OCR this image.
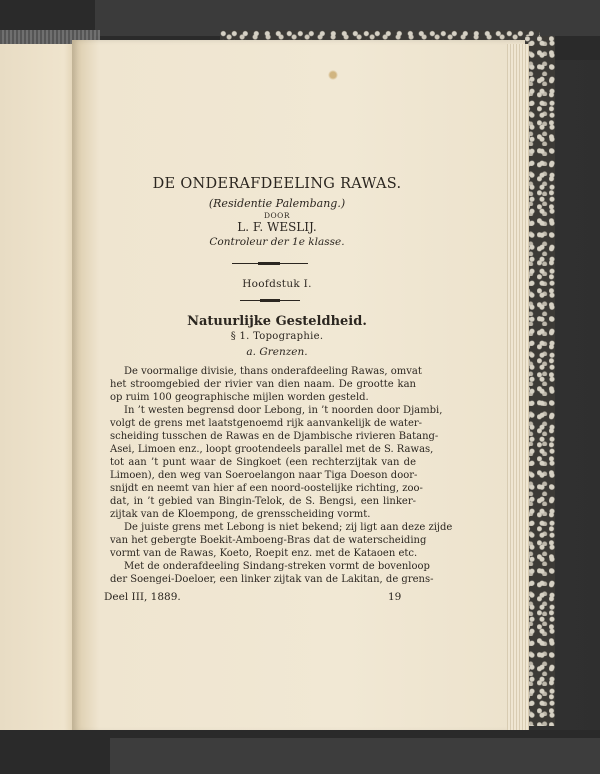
DE ONDERAFDEELING RAWAS.
(Residentie Palembang.)
DOOR
L. F. WESLIJ.
Controleur der 1e klasse.
Hoofdstuk I.
Natuurlijke Gesteldheid.
§ 1. Topographie.
a. Grenzen.
De voormalige divisie, thans onderafdeeling Rawas, omvat
het stroomgebied der rivier van dien naam. De grootte kan
op ruim 100 geographische mijlen worden gesteld.
In ’t westen begrensd door Lebong, in ’t noorden door Djambi,
volgt de grens met laatstgenoemd rijk aanvankelijk de water-
scheiding tusschen de Rawas en de Djambische rivieren Batang-
Asei, Limoen enz., loopt grootendeels parallel met de S. Rawas,
tot aan ’t punt waar de Singkoet (een rechterzijtak van de
Limoen), den weg van Soeroelangon naar Tiga Doeson door-
snijdt en neemt van hier af een noord-oostelijke richting, zoo-
dat, in ’t gebied van Bingin-Telok, de S. Bengsi, een linker-
zijtak van de Kloempong, de grensscheiding vormt.
De juiste grens met Lebong is niet bekend; zij ligt aan deze zijde
van het gebergte Boekit-Amboeng-Bras dat de waterscheiding
vormt van de Rawas, Koeto, Roepit enz. met de Kataoen etc.
Met de onderafdeeling Sindang-streken vormt de bovenloop
der Soengei-Doeloer, een linker zijtak van de Lakitan, de grens-
Deel III, 1889.	19
